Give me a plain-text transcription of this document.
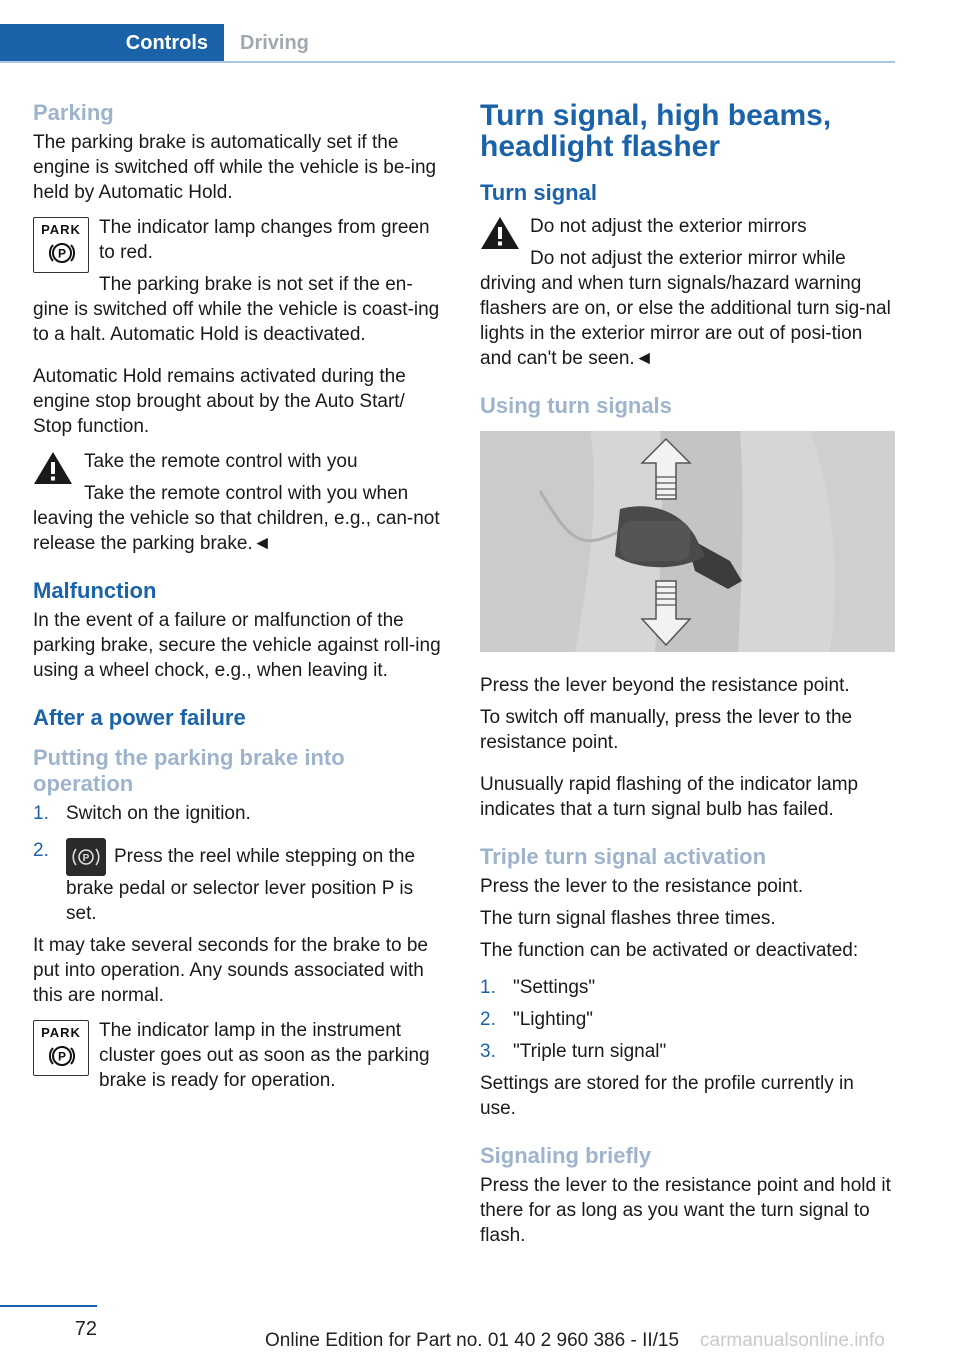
Controls	Driving
Parking

The parking brake is automatically set if the engine is switched off while the vehicle is be-ing held by Automatic Hold.

PARK
P

The indicator lamp changes from green to red.

The parking brake is not set if the en-

gine is switched off while the vehicle is coast-ing to a halt. Automatic Hold is deactivated.

Automatic Hold remains activated during the engine stop brought about by the Auto Start/ Stop function.

Take the remote control with you

Take the remote control with you when

leaving the vehicle so that children, e.g., can-not release the parking brake.◄

Malfunction

In the event of a failure or malfunction of the parking brake, secure the vehicle against roll-ing using a wheel chock, e.g., when leaving it.

After a power failure
Putting the parking brake into operation
1. Switch on the ignition.
2.	P Press the reel while stepping on the brake pedal or selector lever position P is set.

It may take several seconds for the brake to be put into operation. Any sounds associated with this are normal.

PARK
P

The indicator lamp in the instrument cluster goes out as soon as the parking brake is ready for operation.

Turn signal, high beams, headlight flasher
Turn signal

Do not adjust the exterior mirrors

Do not adjust the exterior mirror while

driving and when turn signals/hazard warning flashers are on, or else the additional turn sig-nal lights in the exterior mirror are out of posi-tion and can't be seen.◄

Using turn signals

Press the lever beyond the resistance point.

To switch off manually, press the lever to the resistance point.

Unusually rapid flashing of the indicator lamp indicates that a turn signal bulb has failed.

Triple turn signal activation

Press the lever to the resistance point.

The turn signal flashes three times.

The function can be activated or deactivated:

1. "Settings"
2. "Lighting"
3. "Triple turn signal"

Settings are stored for the profile currently in use.

Signaling briefly

Press the lever to the resistance point and hold it there for as long as you want the turn signal to flash.

72
Online Edition for Part no. 01 40 2 960 386 - II/15 carmanualsonline.info
